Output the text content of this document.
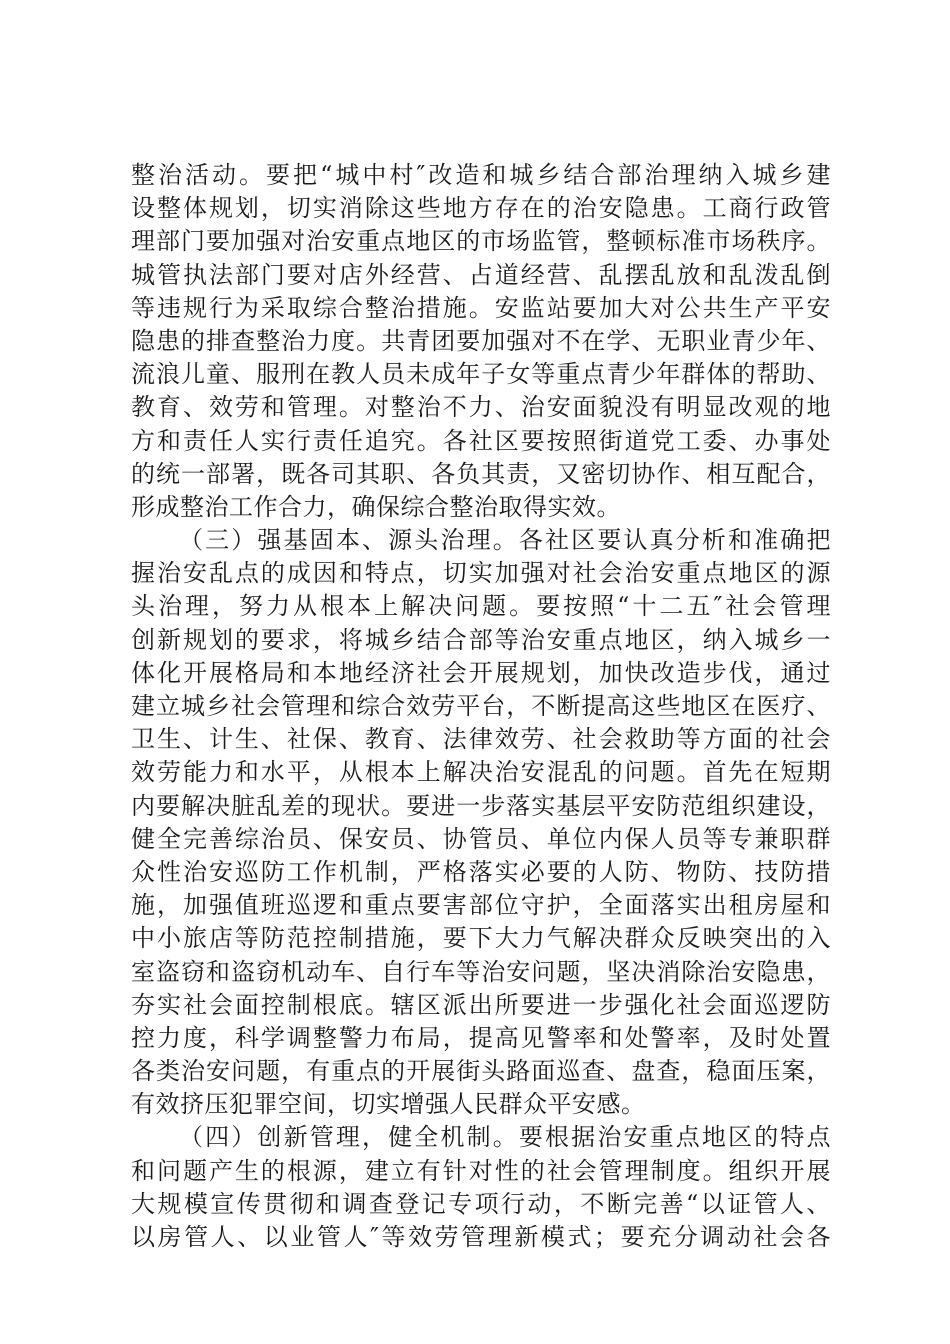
整治活动。要把“城中村″改造和城乡结合部治理纳入城乡建
设整体规划，切实消除这些地方存在的治安隐患。工商行政管
理部门要加强对治安重点地区的市场监管，整顿标准市场秩序。
城管执法部门要对店外经营、占道经营、乱摆乱放和乱泼乱倒
等违规行为采取综合整治措施。安监站要加大对公共生产平安
隐患的排查整治力度。共青团要加强对不在学、无职业青少年、
流浪儿童、服刑在教人员未成年子女等重点青少年群体的帮助、
教育、效劳和管理。对整治不力、治安面貌没有明显改观的地
方和责任人实行责任追究。各社区要按照街道党工委、办事处
的统一部署，既各司其职、各负其责，又密切协作、相互配合，
形成整治工作合力，确保综合整治取得实效。
（三）强基固本、源头治理。各社区要认真分析和准确把
握治安乱点的成因和特点，切实加强对社会治安重点地区的源
头治理，努力从根本上解决问题。要按照“十二五″社会管理
创新规划的要求，将城乡结合部等治安重点地区，纳入城乡一
体化开展格局和本地经济社会开展规划，加快改造步伐，通过
建立城乡社会管理和综合效劳平台，不断提高这些地区在医疗、
卫生、计生、社保、教育、法律效劳、社会救助等方面的社会
效劳能力和水平，从根本上解决治安混乱的问题。首先在短期
内要解决脏乱差的现状。要进一步落实基层平安防范组织建设，
健全完善综治员、保安员、协管员、单位内保人员等专兼职群
众性治安巡防工作机制，严格落实必要的人防、物防、技防措
施，加强值班巡逻和重点要害部位守护，全面落实出租房屋和
中小旅店等防范控制措施，要下大力气解决群众反映突出的入
室盗窃和盗窃机动车、自行车等治安问题，坚决消除治安隐患，
夯实社会面控制根底。辖区派出所要进一步强化社会面巡逻防
控力度，科学调整警力布局，提高见警率和处警率，及时处置
各类治安问题，有重点的开展街头路面巡查、盘查，稳面压案，
有效挤压犯罪空间，切实增强人民群众平安感。
（四）创新管理，健全机制。要根据治安重点地区的特点
和问题产生的根源，建立有针对性的社会管理制度。组织开展
大规模宣传贯彻和调查登记专项行动，不断完善“以证管人、
以房管人、以业管人″等效劳管理新模式；要充分调动社会各
